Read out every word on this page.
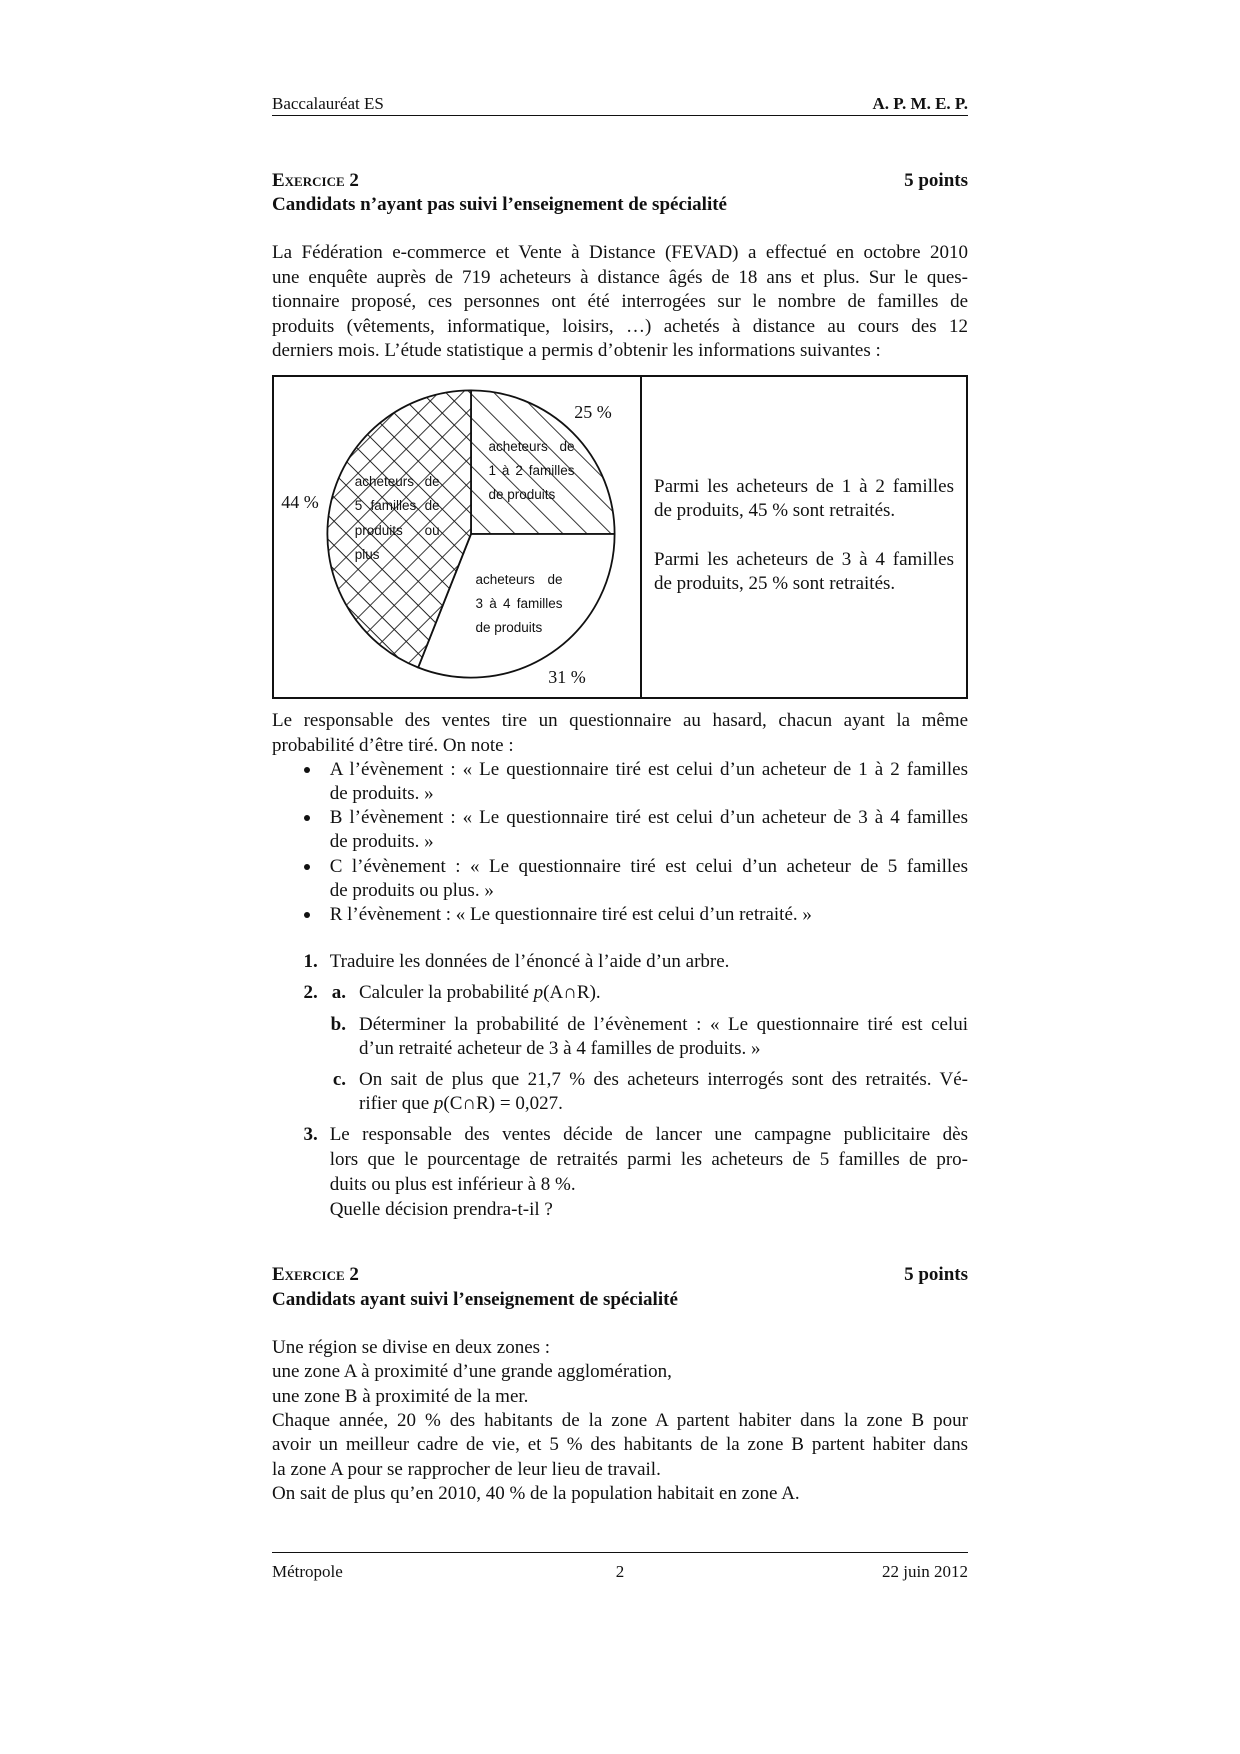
Baccalauréat ES	A. P. M. E. P.
Exercice 2	5 points
Candidats n’ayant pas suivi l’enseignement de spécialité
La Fédération e-commerce et Vente à Distance (FEVAD) a effectué en octobre 2010
une enquête auprès de 719 acheteurs à distance âgés de 18 ans et plus. Sur le ques-
tionnaire proposé, ces personnes ont été interrogées sur le nombre de familles de
produits (vêtements, informatique, loisirs, …) achetés à distance au cours des 12
derniers mois. L’étude statistique a permis d’obtenir les informations suivantes :
25 %
31 %
44 %
acheteurs de
1 à 2 familles
de produits
acheteurs de
3 à 4 familles
de produits
acheteurs de
5 familles de
produits ou
plus
Parmi les acheteurs de 1 à 2 familles
de produits, 45 % sont retraités.
Parmi les acheteurs de 3 à 4 familles
de produits, 25 % sont retraités.
Le responsable des ventes tire un questionnaire au hasard, chacun ayant la même
probabilité d’être tiré. On note :
A l’évènement : « Le questionnaire tiré est celui d’un acheteur de 1 à 2 familles
de produits. »
B l’évènement : « Le questionnaire tiré est celui d’un acheteur de 3 à 4 familles
de produits. »
C l’évènement : « Le questionnaire tiré est celui d’un acheteur de 5 familles
de produits ou plus. »
R l’évènement : « Le questionnaire tiré est celui d’un retraité. »
1. Traduire les données de l’énoncé à l’aide d’un arbre.
2. a. Calculer la probabilité p(A∩R).
b. Déterminer la probabilité de l’évènement : « Le questionnaire tiré est celui
d’un retraité acheteur de 3 à 4 familles de produits. »
c. On sait de plus que 21,7 % des acheteurs interrogés sont des retraités. Vé-
rifier que p(C∩R) = 0,027.
3. Le responsable des ventes décide de lancer une campagne publicitaire dès
lors que le pourcentage de retraités parmi les acheteurs de 5 familles de pro-
duits ou plus est inférieur à 8 %.
Quelle décision prendra-t-il ?
Exercice 2	5 points
Candidats ayant suivi l’enseignement de spécialité
Une région se divise en deux zones :
une zone A à proximité d’une grande agglomération,
une zone B à proximité de la mer.
Chaque année, 20 % des habitants de la zone A partent habiter dans la zone B pour
avoir un meilleur cadre de vie, et 5 % des habitants de la zone B partent habiter dans
la zone A pour se rapprocher de leur lieu de travail.
On sait de plus qu’en 2010, 40 % de la population habitait en zone A.
Métropole	2	22 juin 2012
